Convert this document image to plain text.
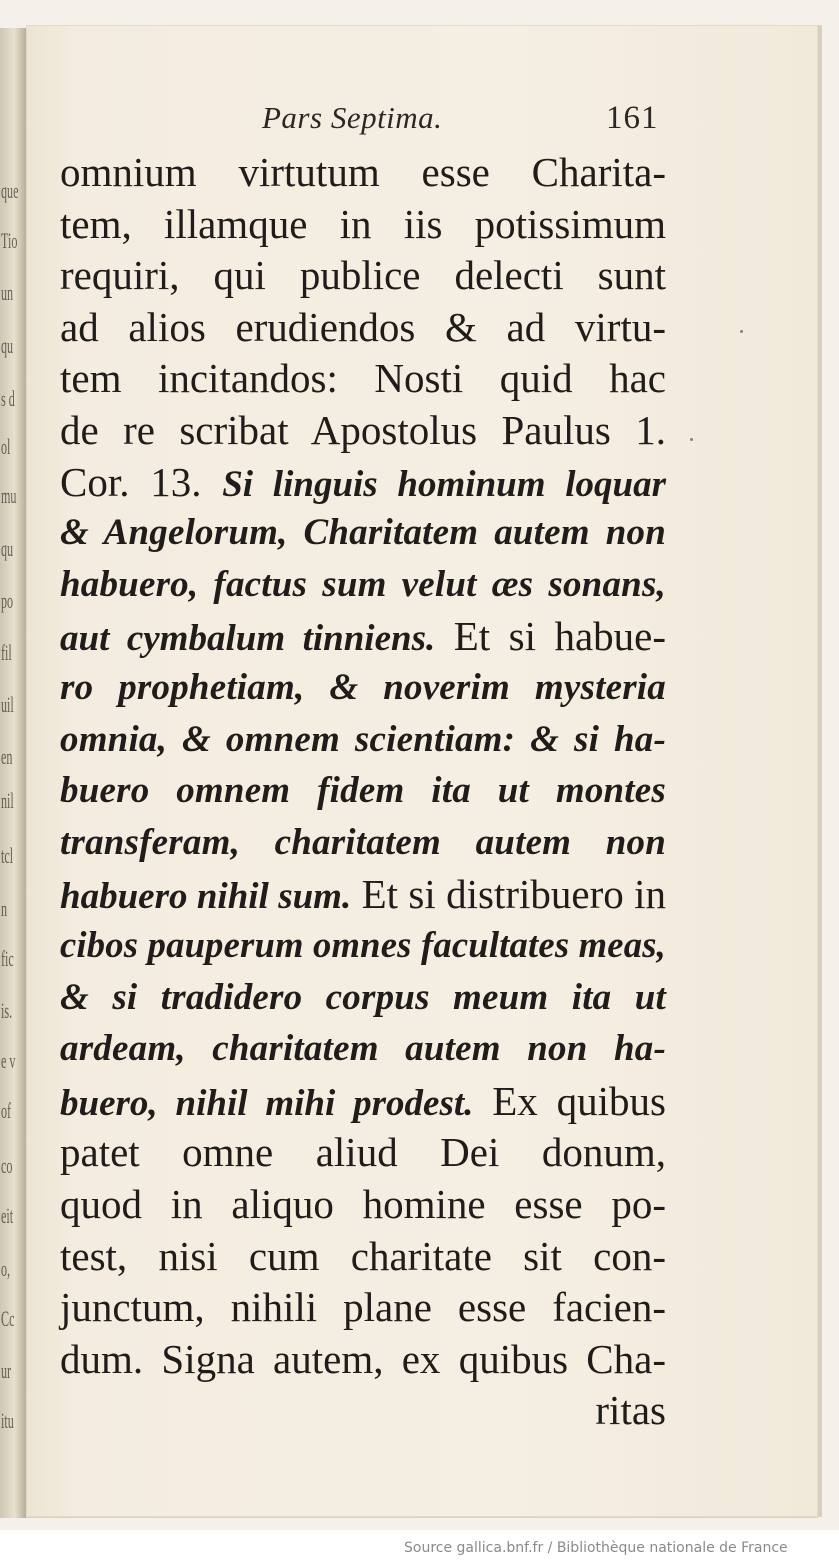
que
Tio
un
qu
s d
ol
mu
qu
po
fil
uil
en
nil
tcl
n
fic
is.
e v
of
co
eit
o,
Cc
ur
itu
Pars Septima.	161
omnium virtutum esse Charita-
tem, illamque in iis potissimum
requiri, qui publice delecti sunt
ad alios erudiendos & ad virtu-
tem incitandos: Nosti quid hac
de re scribat Apostolus Paulus 1.
Cor. 13. Si linguis hominum loquar
& Angelorum, Charitatem autem non
habuero, factus sum velut æs sonans,
aut cymbalum tinniens. Et si habue-
ro prophetiam, & noverim mysteria
omnia, & omnem scientiam: & si ha-
buero omnem fidem ita ut montes
transferam, charitatem autem non
habuero nihil sum. Et si distribuero in
cibos pauperum omnes facultates meas,
& si tradidero corpus meum ita ut
ardeam, charitatem autem non ha-
buero, nihil mihi prodest. Ex quibus
patet omne aliud Dei donum,
quod in aliquo homine esse po-
test, nisi cum charitate sit con-
junctum, nihili plane esse facien-
dum. Signa autem, ex quibus Cha-
ritas
Source gallica.bnf.fr / Bibliothèque nationale de France
